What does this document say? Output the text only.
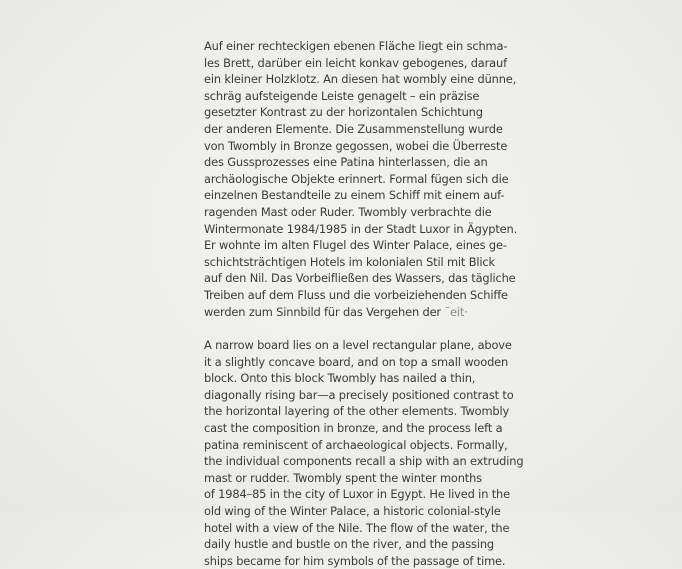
Auf einer rechteckigen ebenen Fläche liegt ein schma-
les Brett, darüber ein leicht konkav gebogenes, darauf
ein kleiner Holzklotz. An diesen hat wombly eine dünne,
schräg aufsteigende Leiste genagelt – ein präzise
gesetzter Kontrast zu der horizontalen Schichtung
der anderen Elemente. Die Zusammenstellung wurde
von Twombly in Bronze gegossen, wobei die Überreste
des Gussprozesses eine Patina hinterlassen, die an
archäologische Objekte erinnert. Formal fügen sich die
einzelnen Bestandteile zu einem Schiff mit einem auf-
ragenden Mast oder Ruder. Twombly verbrachte die
Wintermonate 1984/1985 in der Stadt Luxor in Ägypten.
Er wohnte im alten Flugel des Winter Palace, eines ge-
schichtsträchtigen Hotels im kolonialen Stil mit Blick
auf den Nil. Das Vorbeifließen des Wassers, das tägliche
Treiben auf dem Fluss und die vorbeiziehenden Schiffe
werden zum Sinnbild für das Vergehen der ¯eit·
A narrow board lies on a level rectangular plane, above
it a slightly concave board, and on top a small wooden
block. Onto this block Twombly has nailed a thin,
diagonally rising bar—a precisely positioned contrast to
the horizontal layering of the other elements. Twombly
cast the composition in bronze, and the process left a
patina reminiscent of archaeological objects. Formally,
the individual components recall a ship with an extruding
mast or rudder. Twombly spent the winter months
of 1984–85 in the city of Luxor in Egypt. He lived in the
old wing of the Winter Palace, a historic colonial-style
hotel with a view of the Nile. The flow of the water, the
daily hustle and bustle on the river, and the passing
ships became for him symbols of the passage of time.
